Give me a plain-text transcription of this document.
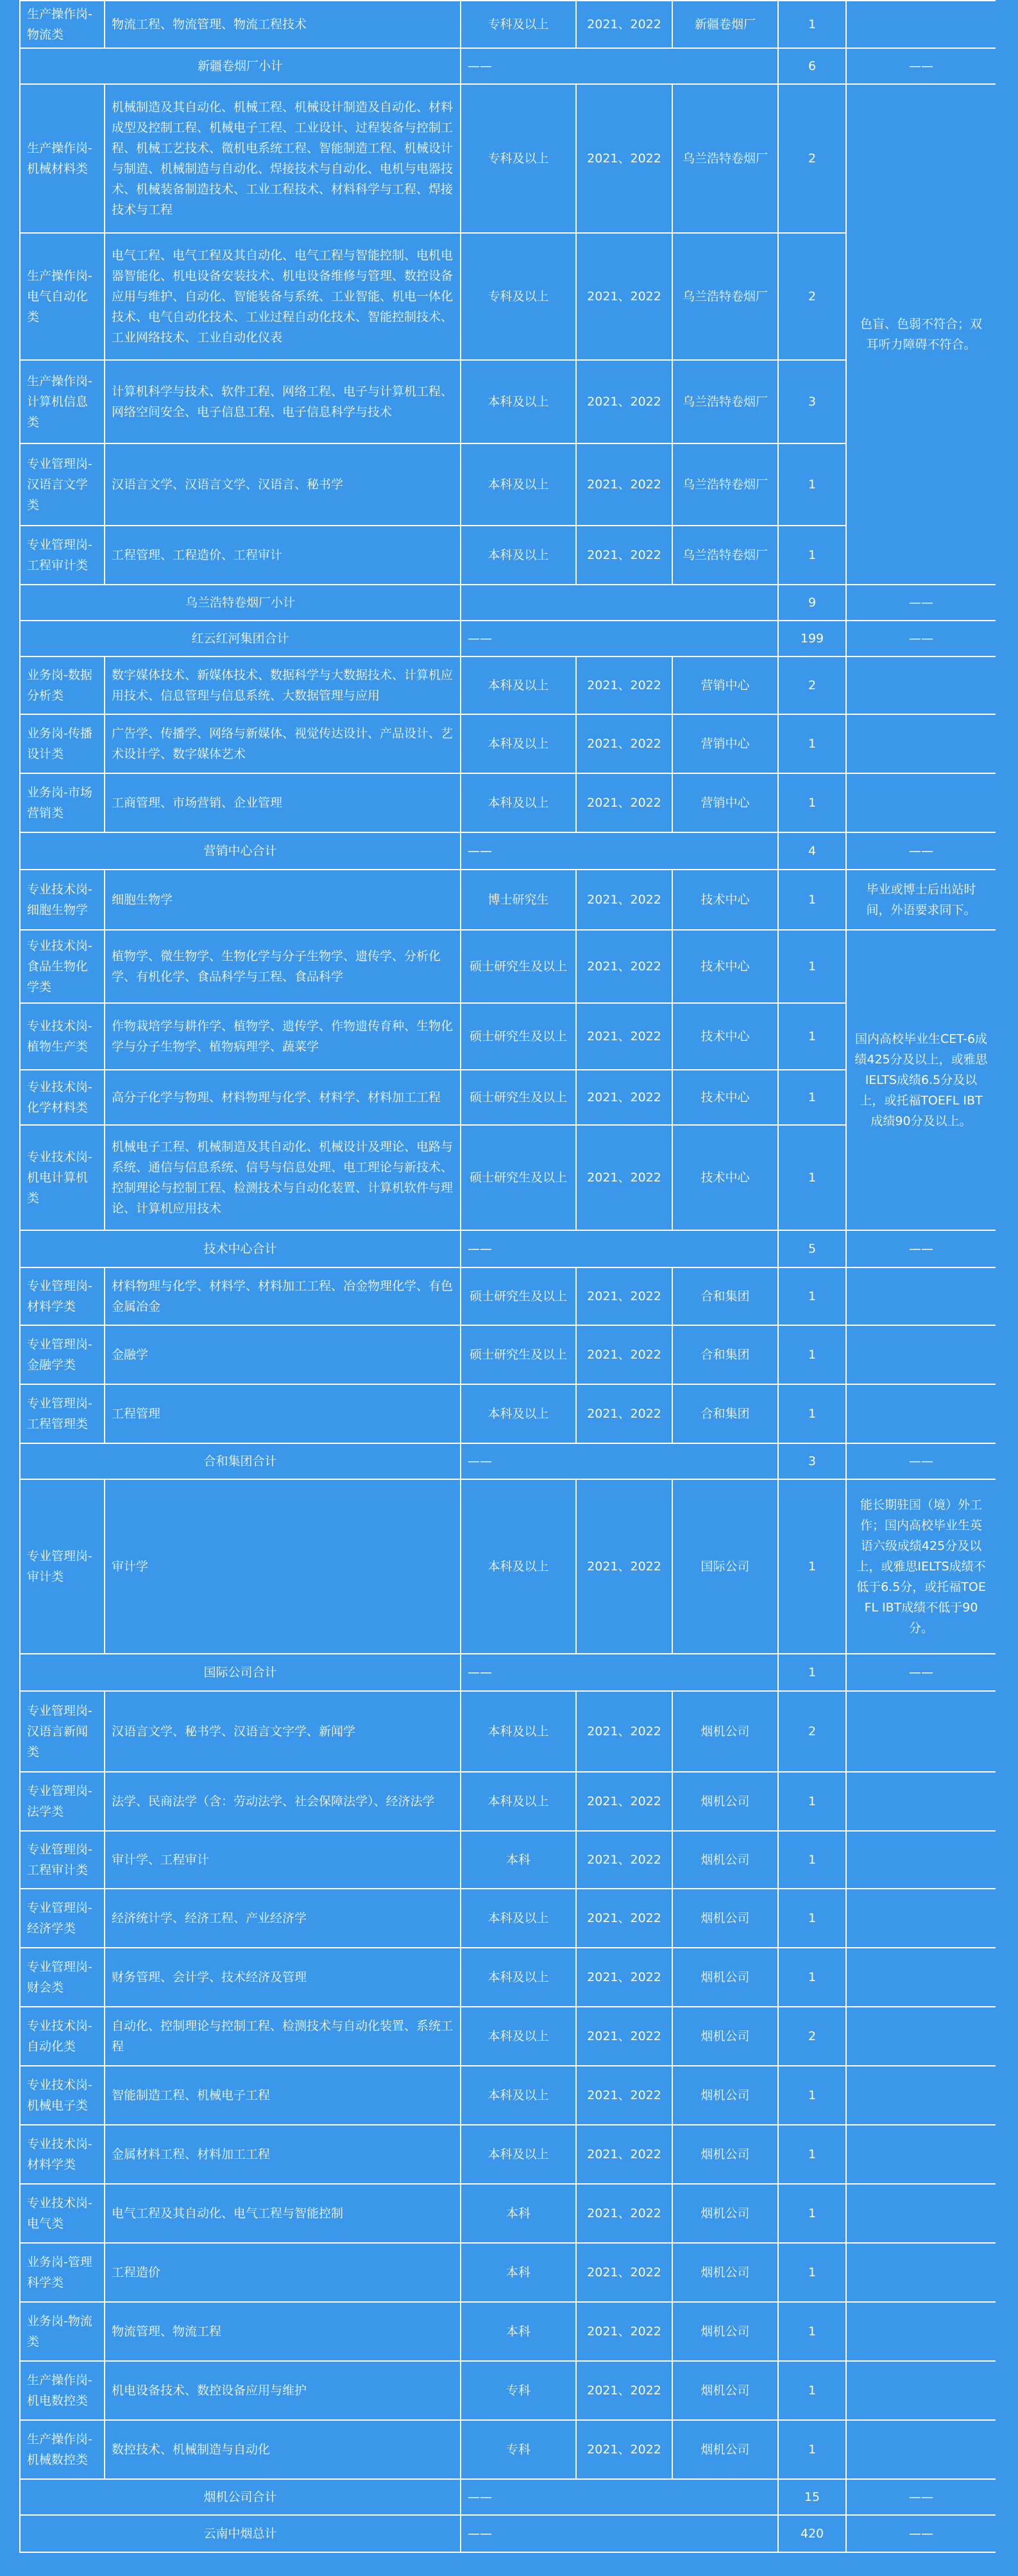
生产操作岗-物流类	物流工程、物流管理、物流工程技术	专科及以上	2021、2022	新疆卷烟厂	1	
新疆卷烟厂小计		——			6	——
生产操作岗-机械材料类	机械制造及其自动化、机械工程、机械设计制造及自动化、材料成型及控制工程、机械电子工程、工业设计、过程装备与控制工程、机械工艺技术、微机电系统工程、智能制造工程、机械设计与制造、机械制造与自动化、焊接技术与自动化、电机与电器技术、机械装备制造技术、工业工程技术、材料科学与工程、焊接技术与工程	专科及以上	2021、2022	乌兰浩特卷烟厂	2	色盲、色弱不符合；双耳听力障碍不符合。
生产操作岗-电气自动化类	电气工程、电气工程及其自动化、电气工程与智能控制、电机电器智能化、机电设备安装技术、机电设备维修与管理、数控设备应用与维护、自动化、智能装备与系统、工业智能、机电一体化技术、电气自动化技术、工业过程自动化技术、智能控制技术、工业网络技术、工业自动化仪表	专科及以上	2021、2022	乌兰浩特卷烟厂	2	
生产操作岗-计算机信息类	计算机科学与技术、软件工程、网络工程、电子与计算机工程、网络空间安全、电子信息工程、电子信息科学与技术	本科及以上	2021、2022	乌兰浩特卷烟厂	3	
专业管理岗-汉语言文学类	汉语言文学、汉语言文学、汉语言、秘书学	本科及以上	2021、2022	乌兰浩特卷烟厂	1	
专业管理岗-工程审计类	工程管理、工程造价、工程审计	本科及以上	2021、2022	乌兰浩特卷烟厂	1	
乌兰浩特卷烟厂小计					9	——
红云红河集团合计		——			199	——
业务岗-数据分析类	数字媒体技术、新媒体技术、数据科学与大数据技术、计算机应用技术、信息管理与信息系统、大数据管理与应用	本科及以上	2021、2022	营销中心	2	
业务岗-传播设计类	广告学、传播学、网络与新媒体、视觉传达设计、产品设计、艺术设计学、数字媒体艺术	本科及以上	2021、2022	营销中心	1	
业务岗-市场营销类	工商管理、市场营销、企业管理	本科及以上	2021、2022	营销中心	1	
营销中心合计		——			4	——
专业技术岗-细胞生物学	细胞生物学	博士研究生	2021、2022	技术中心	1	毕业或博士后出站时间，外语要求同下。
专业技术岗-食品生物化学类	植物学、微生物学、生物化学与分子生物学、遗传学、分析化学、有机化学、食品科学与工程、食品科学	硕士研究生及以上	2021、2022	技术中心	1	国内高校毕业生CET-6成绩425分及以上，或雅思IELTS成绩6.5分及以上，或托福TOEFL IBT成绩90分及以上。
专业技术岗-植物生产类	作物栽培学与耕作学、植物学、遗传学、作物遗传育种、生物化学与分子生物学、植物病理学、蔬菜学	硕士研究生及以上	2021、2022	技术中心	1	
专业技术岗-化学材料类	高分子化学与物理、材料物理与化学、材料学、材料加工工程	硕士研究生及以上	2021、2022	技术中心	1	
专业技术岗-机电计算机类	机械电子工程、机械制造及其自动化、机械设计及理论、电路与系统、通信与信息系统、信号与信息处理、电工理论与新技术、控制理论与控制工程、检测技术与自动化装置、计算机软件与理论、计算机应用技术	硕士研究生及以上	2021、2022	技术中心	1	
技术中心合计		——			5	——
专业管理岗-材料学类	材料物理与化学、材料学、材料加工工程、冶金物理化学、有色金属冶金	硕士研究生及以上	2021、2022	合和集团	1	
专业管理岗-金融学类	金融学	硕士研究生及以上	2021、2022	合和集团	1	
专业管理岗-工程管理类	工程管理	本科及以上	2021、2022	合和集团	1	
合和集团合计		——			3	——
专业管理岗-审计类	审计学	本科及以上	2021、2022	国际公司	1	能长期驻国（境）外工作；国内高校毕业生英语六级成绩425分及以上，或雅思IELTS成绩不低于6.5分，或托福TOEFL IBT成绩不低于90分。
国际公司合计		——			1	——
专业管理岗-汉语言新闻类	汉语言文学、秘书学、汉语言文字学、新闻学	本科及以上	2021、2022	烟机公司	2	
专业管理岗-法学类	法学、民商法学（含：劳动法学、社会保障法学）、经济法学	本科及以上	2021、2022	烟机公司	1	
专业管理岗-工程审计类	审计学、工程审计	本科	2021、2022	烟机公司	1	
专业管理岗-经济学类	经济统计学、经济工程、产业经济学	本科及以上	2021、2022	烟机公司	1	
专业管理岗-财会类	财务管理、会计学、技术经济及管理	本科及以上	2021、2022	烟机公司	1	
专业技术岗-自动化类	自动化、控制理论与控制工程、检测技术与自动化装置、系统工程	本科及以上	2021、2022	烟机公司	2	
专业技术岗-机械电子类	智能制造工程、机械电子工程	本科及以上	2021、2022	烟机公司	1	
专业技术岗-材料学类	金属材料工程、材料加工工程	本科及以上	2021、2022	烟机公司	1	
专业技术岗-电气类	电气工程及其自动化、电气工程与智能控制	本科	2021、2022	烟机公司	1	
业务岗-管理科学类	工程造价	本科	2021、2022	烟机公司	1	
业务岗-物流类	物流管理、物流工程	本科	2021、2022	烟机公司	1	
生产操作岗-机电数控类	机电设备技术、数控设备应用与维护	专科	2021、2022	烟机公司	1	
生产操作岗-机械数控类	数控技术、机械制造与自动化	专科	2021、2022	烟机公司	1	
烟机公司合计		——			15	——
云南中烟总计		——			420	——
